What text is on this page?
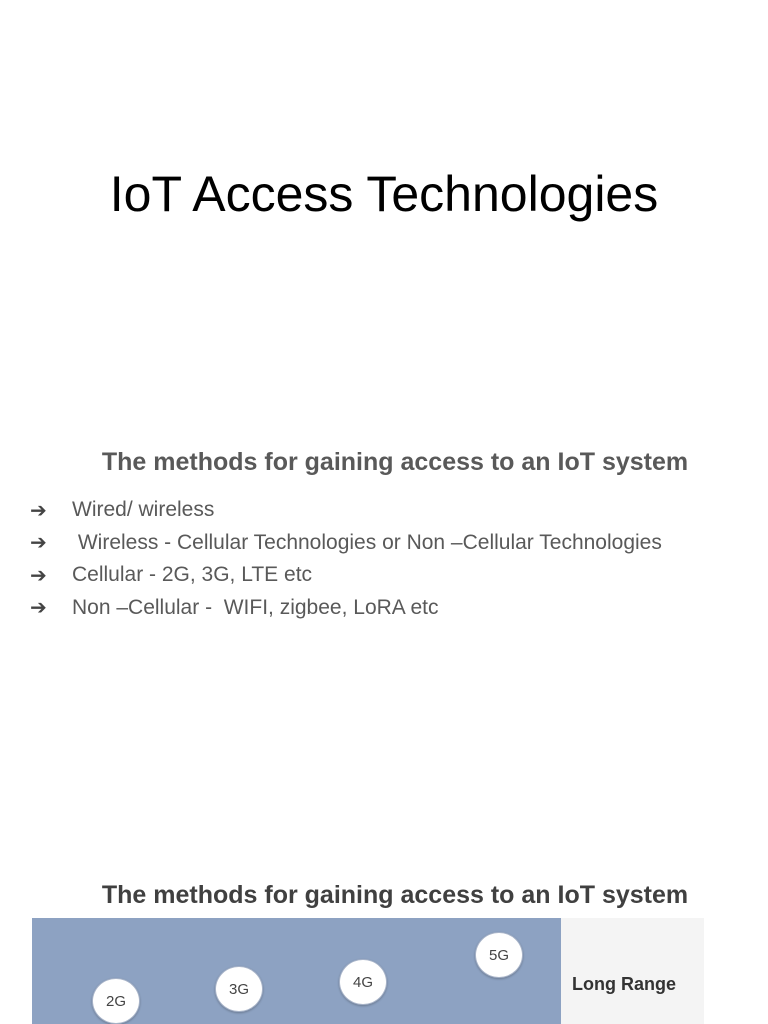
IoT Access Technologies
The methods for gaining access to an IoT system
➔	Wired/ wireless
➔	Wireless - Cellular Technologies or Non –Cellular Technologies
➔	Cellular - 2G, 3G, LTE etc
➔	Non –Cellular -  WIFI, zigbee, LoRA etc
The methods for gaining access to an IoT system
2G
3G	4G
5G
Long Range
